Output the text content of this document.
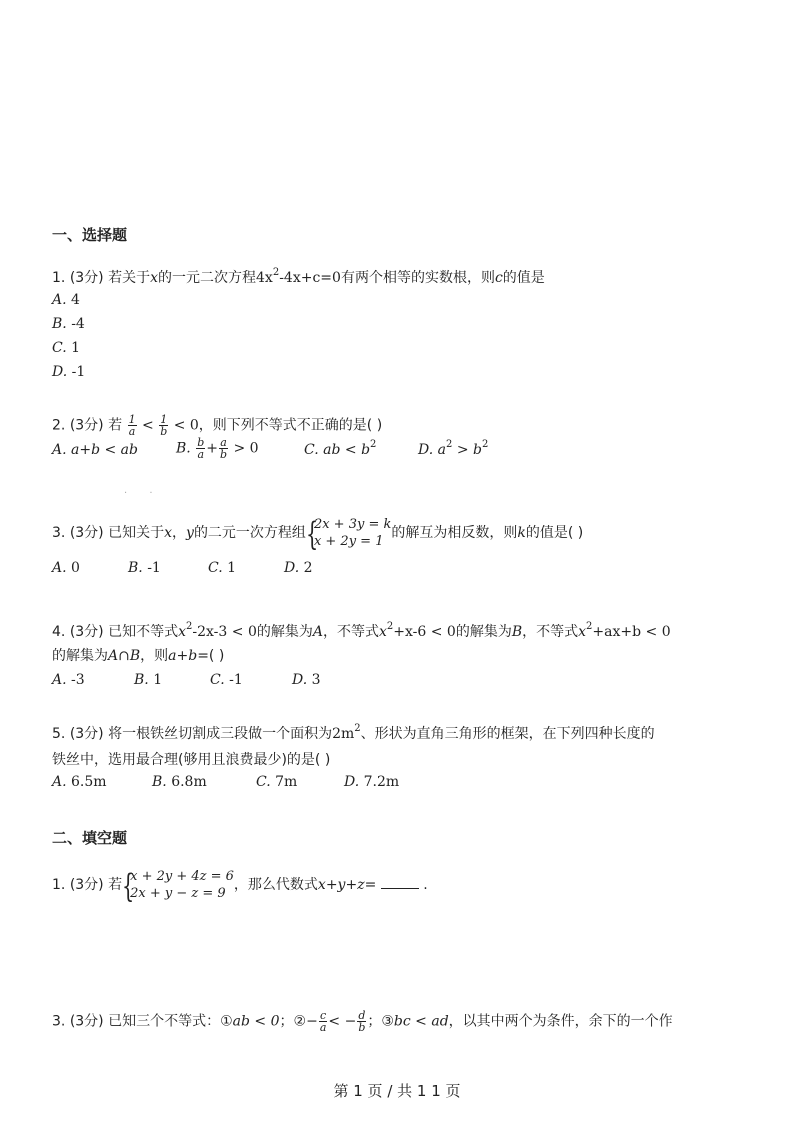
一、选择题
1. (3分) 若关于x的一元二次方程$4x^2-4x+c=0$有两个相等的实数根，则c的值是
A. 4
B. -4
C. 1
D. -1
2. (3分) 若 $\frac{1}{a} < \frac{1}{b} < 0$，则下列不等式不正确的是( )
A. a+b < ab	B. $\frac{b}{a} + \frac{a}{b} > 0$	C. ab < $b^2$	D. $a^2 > b^2$
·       ·
3. (3分) 已知关于x，y的二元一次方程组 {
2x + 3y = k
x + 2y = 1
的解互为相反数，则k的值是( )
A. 0	B. -1	C. 1	D. 2
4. (3分) 已知不等式$x^2-2x-3 < 0$的解集为A，不等式$x^2+x-6 < 0$的解集为B，不等式$x^2+ax+b < 0$
的解集为A∩B，则a+b=( )
A. -3	B. 1	C. -1	D. 3
5. (3分) 将一根铁丝切割成三段做一个面积为$2m^2$、形状为直角三角形的框架，在下列四种长度的
铁丝中，选用最合理(够用且浪费最少)的是( )
A. 6.5m	B. 6.8m	C. 7m	D. 7.2m
二、填空题
1. (3分) 若 {
x + 2y + 4z = 6
2x + y − z = 9
，那么代数式x+y+z=	.
3. (3分) 已知三个不等式：①ab < 0；②− $\frac{c}{a}$ < − $\frac{d}{b}$ ；③bc < ad，以其中两个为条件，余下的一个作
第 1 页 / 共 1 1 页
